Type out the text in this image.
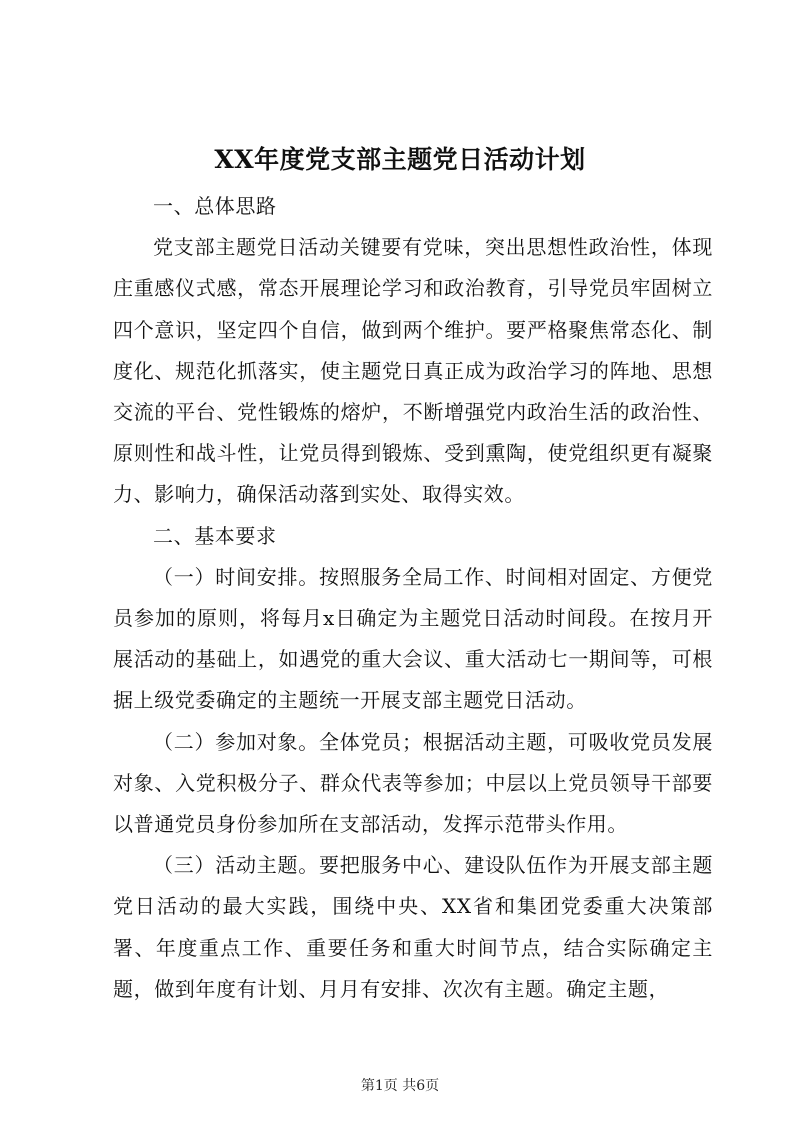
XX年度党支部主题党日活动计划

一、总体思路

党支部主题党日活动关键要有党味，突出思想性政治性，体现庄重感仪式感，常态开展理论学习和政治教育，引导党员牢固树立四个意识，坚定四个自信，做到两个维护。要严格聚焦常态化、制度化、规范化抓落实，使主题党日真正成为政治学习的阵地、思想交流的平台、党性锻炼的熔炉，不断增强党内政治生活的政治性、原则性和战斗性，让党员得到锻炼、受到熏陶，使党组织更有凝聚力、影响力，确保活动落到实处、取得实效。

二、基本要求

（一）时间安排。按照服务全局工作、时间相对固定、方便党员参加的原则，将每月x日确定为主题党日活动时间段。在按月开展活动的基础上，如遇党的重大会议、重大活动七一期间等，可根据上级党委确定的主题统一开展支部主题党日活动。

（二）参加对象。全体党员；根据活动主题，可吸收党员发展对象、入党积极分子、群众代表等参加；中层以上党员领导干部要以普通党员身份参加所在支部活动，发挥示范带头作用。

（三）活动主题。要把服务中心、建设队伍作为开展支部主题党日活动的最大实践，围绕中央、XX省和集团党委重大决策部署、年度重点工作、重要任务和重大时间节点，结合实际确定主题，做到年度有计划、月月有安排、次次有主题。确定主题，

第1页 共6页
